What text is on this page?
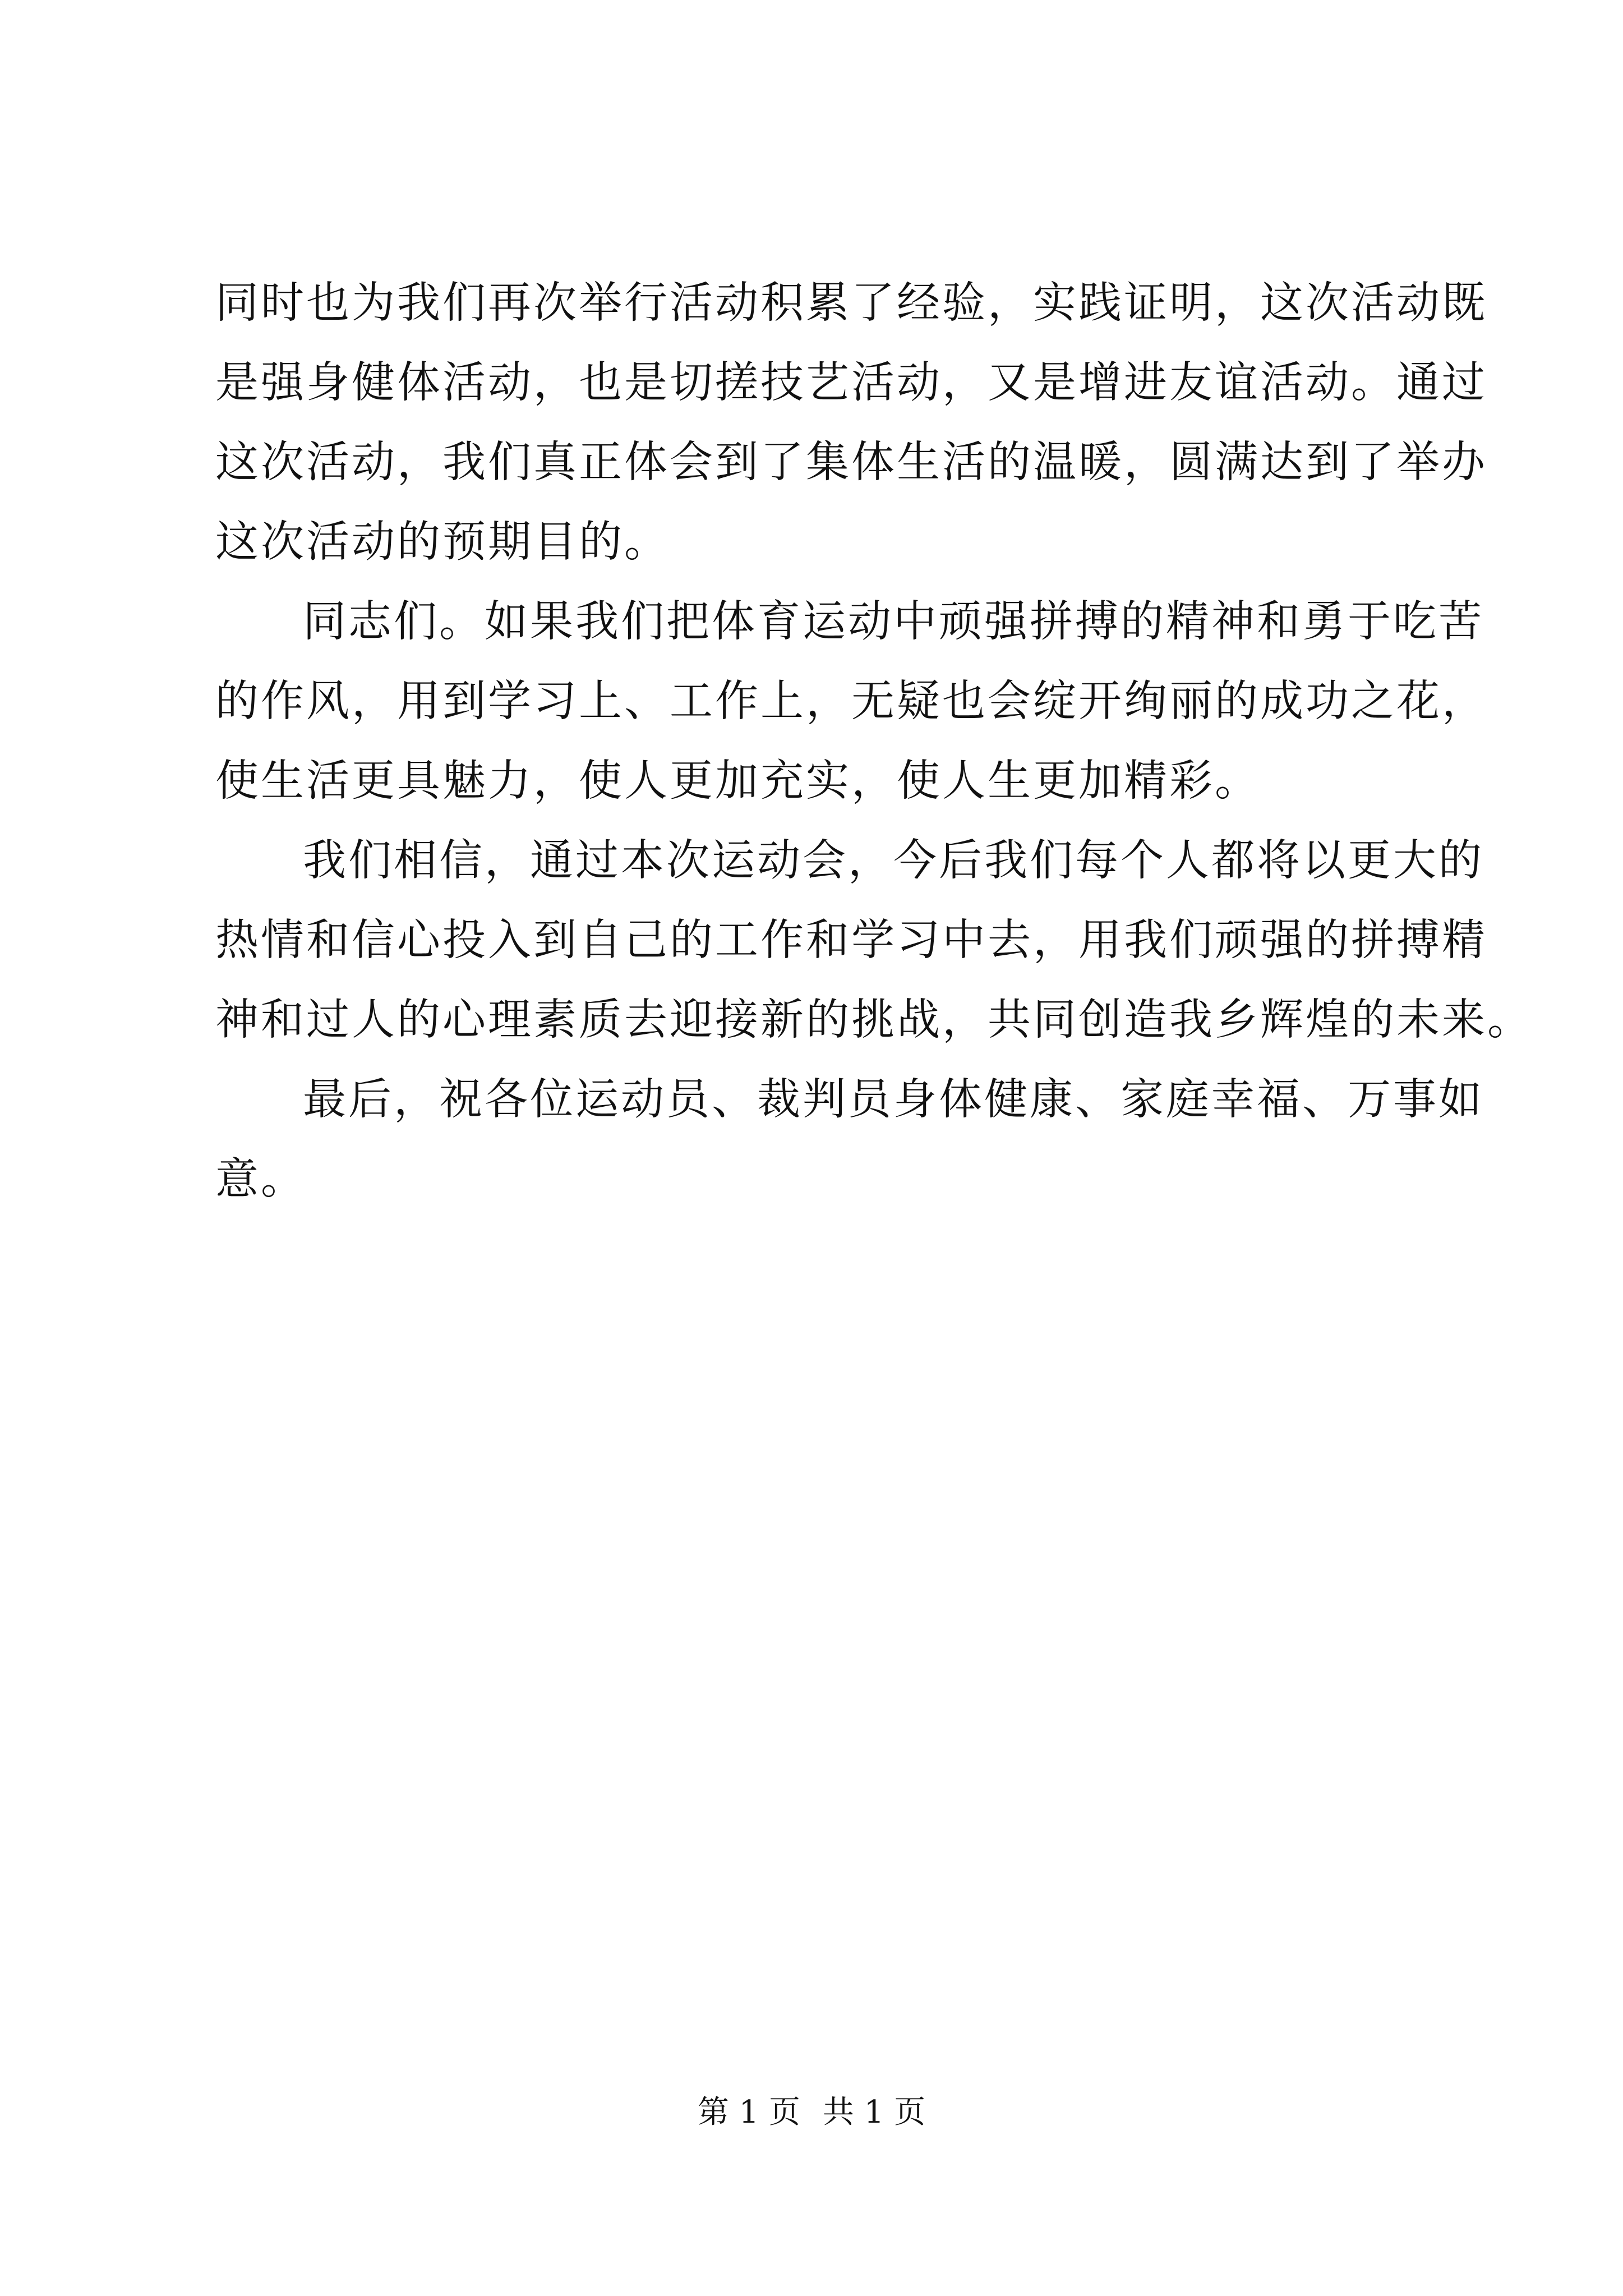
同时也为我们再次举行活动积累了经验，实践证明，这次活动既
是强身健体活动，也是切搓技艺活动，又是增进友谊活动。通过
这次活动，我们真正体会到了集体生活的温暖，圆满达到了举办
这次活动的预期目的。
同志们。如果我们把体育运动中顽强拼搏的精神和勇于吃苦
的作风，用到学习上、工作上，无疑也会绽开绚丽的成功之花，
使生活更具魅力，使人更加充实，使人生更加精彩。
我们相信，通过本次运动会，今后我们每个人都将以更大的
热情和信心投入到自己的工作和学习中去，用我们顽强的拼搏精
神和过人的心理素质去迎接新的挑战，共同创造我乡辉煌的未来。
最后，祝各位运动员、裁判员身体健康、家庭幸福、万事如
意。
第 1 页 共 1 页
